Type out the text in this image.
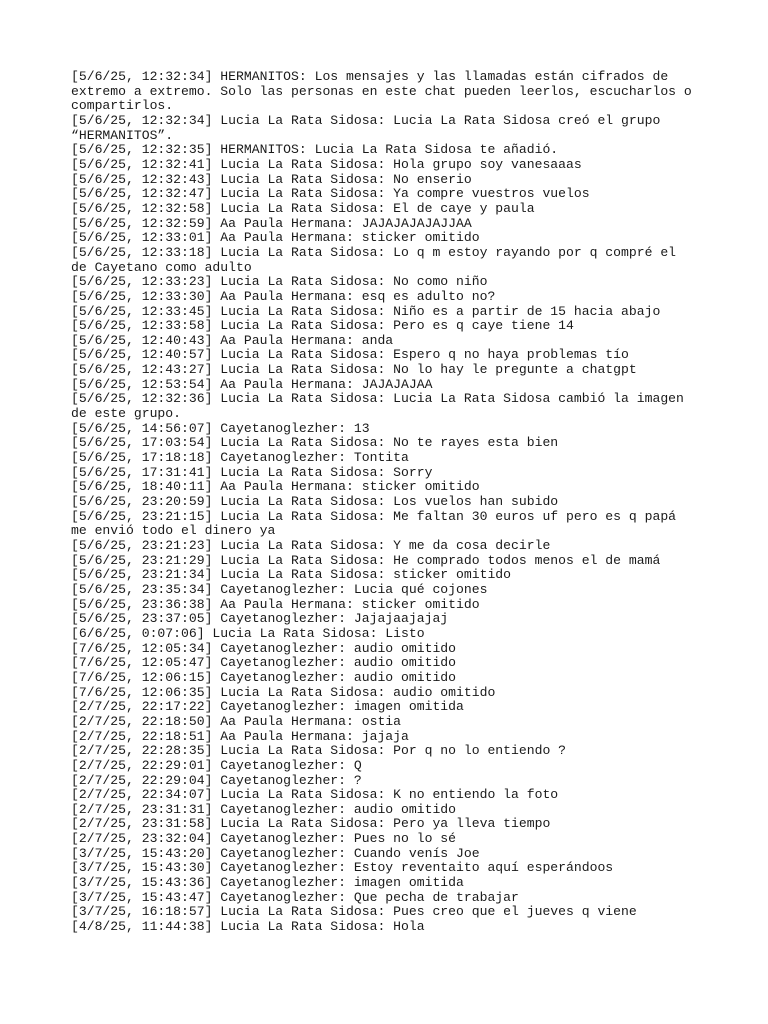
[5/6/25, 12:32:34] HERMANITOS: Los mensajes y las llamadas están cifrados de extremo a extremo. Solo las personas en este chat pueden leerlos, escucharlos o compartirlos.
[5/6/25, 12:32:34] Lucia La Rata Sidosa: Lucia La Rata Sidosa creó el grupo “HERMANITOS”.
[5/6/25, 12:32:35] HERMANITOS: Lucia La Rata Sidosa te añadió.
[5/6/25, 12:32:41] Lucia La Rata Sidosa: Hola grupo soy vanesaaas
[5/6/25, 12:32:43] Lucia La Rata Sidosa: No enserio
[5/6/25, 12:32:47] Lucia La Rata Sidosa: Ya compre vuestros vuelos
[5/6/25, 12:32:58] Lucia La Rata Sidosa: El de caye y paula
[5/6/25, 12:32:59] Aa Paula Hermana: JAJAJAJAJAJJAA
[5/6/25, 12:33:01] Aa Paula Hermana: sticker omitido
[5/6/25, 12:33:18] Lucia La Rata Sidosa: Lo q m estoy rayando por q compré el de Cayetano como adulto
[5/6/25, 12:33:23] Lucia La Rata Sidosa: No como niño
[5/6/25, 12:33:30] Aa Paula Hermana: esq es adulto no?
[5/6/25, 12:33:45] Lucia La Rata Sidosa: Niño es a partir de 15 hacia abajo
[5/6/25, 12:33:58] Lucia La Rata Sidosa: Pero es q caye tiene 14
[5/6/25, 12:40:43] Aa Paula Hermana: anda
[5/6/25, 12:40:57] Lucia La Rata Sidosa: Espero q no haya problemas tío
[5/6/25, 12:43:27] Lucia La Rata Sidosa: No lo hay le pregunte a chatgpt
[5/6/25, 12:53:54] Aa Paula Hermana: JAJAJAJAA
[5/6/25, 12:32:36] Lucia La Rata Sidosa: Lucia La Rata Sidosa cambió la imagen de este grupo.
[5/6/25, 14:56:07] Cayetanoglezher: 13
[5/6/25, 17:03:54] Lucia La Rata Sidosa: No te rayes esta bien
[5/6/25, 17:18:18] Cayetanoglezher: Tontita
[5/6/25, 17:31:41] Lucia La Rata Sidosa: Sorry
[5/6/25, 18:40:11] Aa Paula Hermana: sticker omitido
[5/6/25, 23:20:59] Lucia La Rata Sidosa: Los vuelos han subido
[5/6/25, 23:21:15] Lucia La Rata Sidosa: Me faltan 30 euros uf pero es q papá me envió todo el dinero ya
[5/6/25, 23:21:23] Lucia La Rata Sidosa: Y me da cosa decirle
[5/6/25, 23:21:29] Lucia La Rata Sidosa: He comprado todos menos el de mamá
[5/6/25, 23:21:34] Lucia La Rata Sidosa: sticker omitido
[5/6/25, 23:35:34] Cayetanoglezher: Lucia qué cojones
[5/6/25, 23:36:38] Aa Paula Hermana: sticker omitido
[5/6/25, 23:37:05] Cayetanoglezher: Jajajaajajaj
[6/6/25, 0:07:06] Lucia La Rata Sidosa: Listo
[7/6/25, 12:05:34] Cayetanoglezher: audio omitido
[7/6/25, 12:05:47] Cayetanoglezher: audio omitido
[7/6/25, 12:06:15] Cayetanoglezher: audio omitido
[7/6/25, 12:06:35] Lucia La Rata Sidosa: audio omitido
[2/7/25, 22:17:22] Cayetanoglezher: imagen omitida
[2/7/25, 22:18:50] Aa Paula Hermana: ostia
[2/7/25, 22:18:51] Aa Paula Hermana: jajaja
[2/7/25, 22:28:35] Lucia La Rata Sidosa: Por q no lo entiendo ?
[2/7/25, 22:29:01] Cayetanoglezher: Q
[2/7/25, 22:29:04] Cayetanoglezher: ?
[2/7/25, 22:34:07] Lucia La Rata Sidosa: K no entiendo la foto
[2/7/25, 23:31:31] Cayetanoglezher: audio omitido
[2/7/25, 23:31:58] Lucia La Rata Sidosa: Pero ya lleva tiempo
[2/7/25, 23:32:04] Cayetanoglezher: Pues no lo sé
[3/7/25, 15:43:20] Cayetanoglezher: Cuando venís Joe
[3/7/25, 15:43:30] Cayetanoglezher: Estoy reventaito aquí esperándoos
[3/7/25, 15:43:36] Cayetanoglezher: imagen omitida
[3/7/25, 15:43:47] Cayetanoglezher: Que pecha de trabajar
[3/7/25, 16:18:57] Lucia La Rata Sidosa: Pues creo que el jueves q viene
[4/8/25, 11:44:38] Lucia La Rata Sidosa: Hola
